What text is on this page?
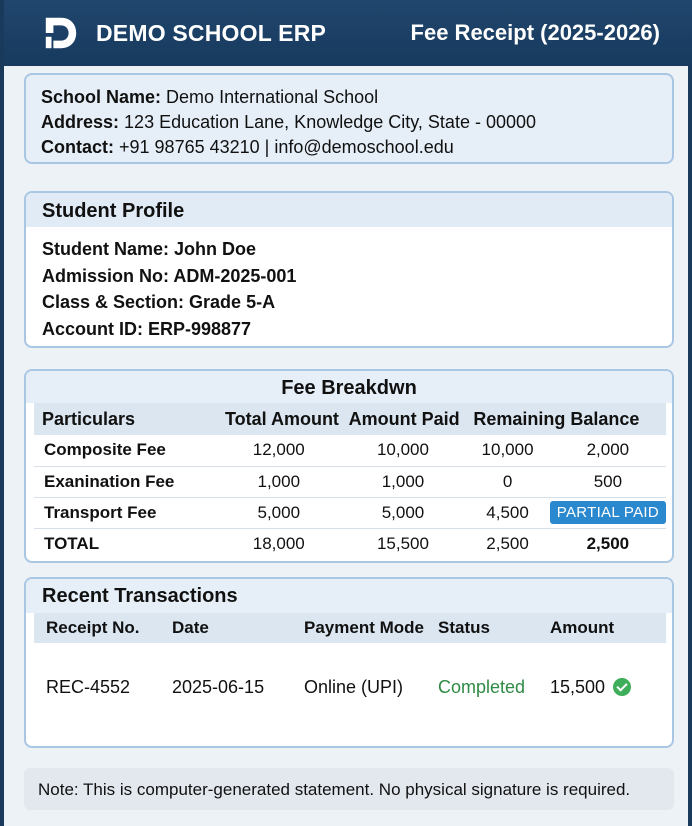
DEMO SCHOOL ERP	Fee Receipt (2025-2026)
School Name: Demo International School
Address: 123 Education Lane, Knowledge City, State - 00000
Contact: +91 98765 43210 | info@demoschool.edu
Student Profile
Student Name: John Doe
Admission No: ADM-2025-001
Class & Section: Grade 5-A
Account ID: ERP-998877
Fee Breakdwn
Particulars	Total Amount	Amount Paid	Remaining Balance	
Composite Fee	12,000	10,000	10,000	2,000
Exanination Fee	1,000	1,000	0	500
Transport Fee	5,000	5,000	4,500	PARTIAL PAID
TOTAL	18,000	15,500	2,500	2,500
Recent Transactions
Receipt No.	Date	Payment Mode	Status	Amount
REC-4552	2025-06-15	Online (UPI)	Completed	15,500
Note: This is computer-generated statement. No physical signature is required.
